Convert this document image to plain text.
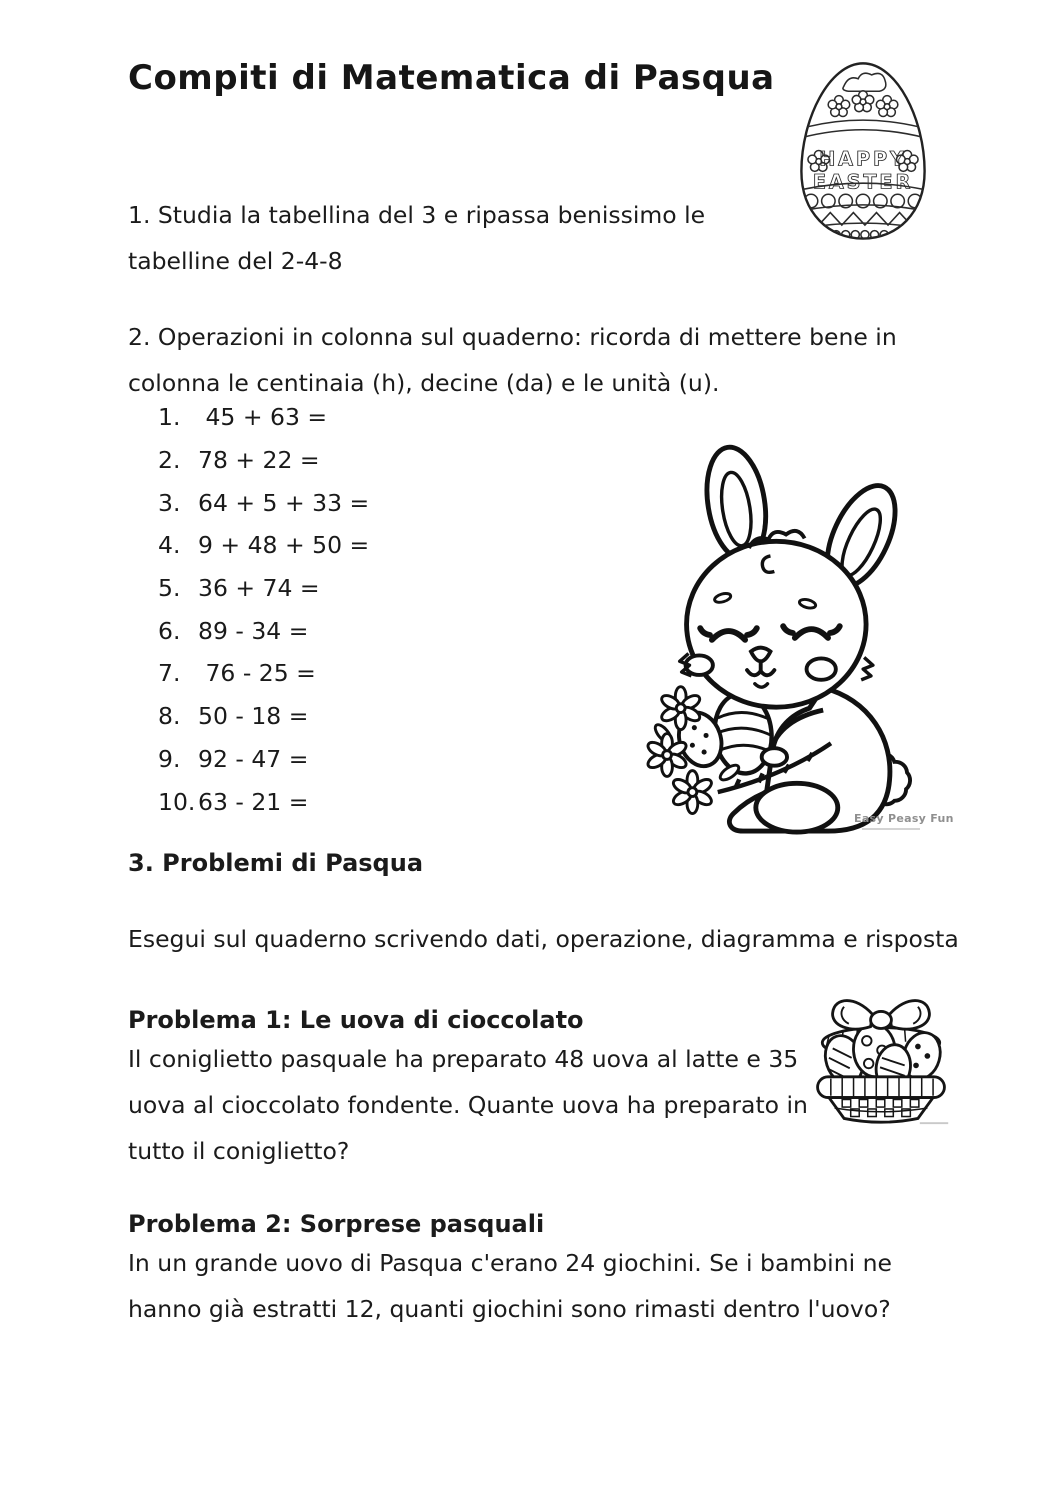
Compiti di Matematica di Pasqua
HAPPY
EASTER
1. Studia la tabellina del 3 e ripassa benissimo le
tabelline del 2-4-8
2. Operazioni in colonna sul quaderno: ricorda di mettere bene in
colonna le centinaia (h), decine (da) e le unità (u).
1. 45 + 63 =
2. 78 + 22 =
3. 64 + 5 + 33 =
4. 9 + 48 + 50 =
5. 36 + 74 =
6. 89 - 34 =
7. 76 - 25 =
8. 50 - 18 =
9. 92 - 47 =
10. 63 - 21 =
Easy Peasy Fun
3. Problemi di Pasqua
Esegui sul quaderno scrivendo dati, operazione, diagramma e risposta
Problema 1: Le uova di cioccolato
Il coniglietto pasquale ha preparato 48 uova al latte e 35
uova al cioccolato fondente. Quante uova ha preparato in
tutto il coniglietto?
Problema 2: Sorprese pasquali
In un grande uovo di Pasqua c'erano 24 giochini. Se i bambini ne
hanno già estratti 12, quanti giochini sono rimasti dentro l'uovo?
